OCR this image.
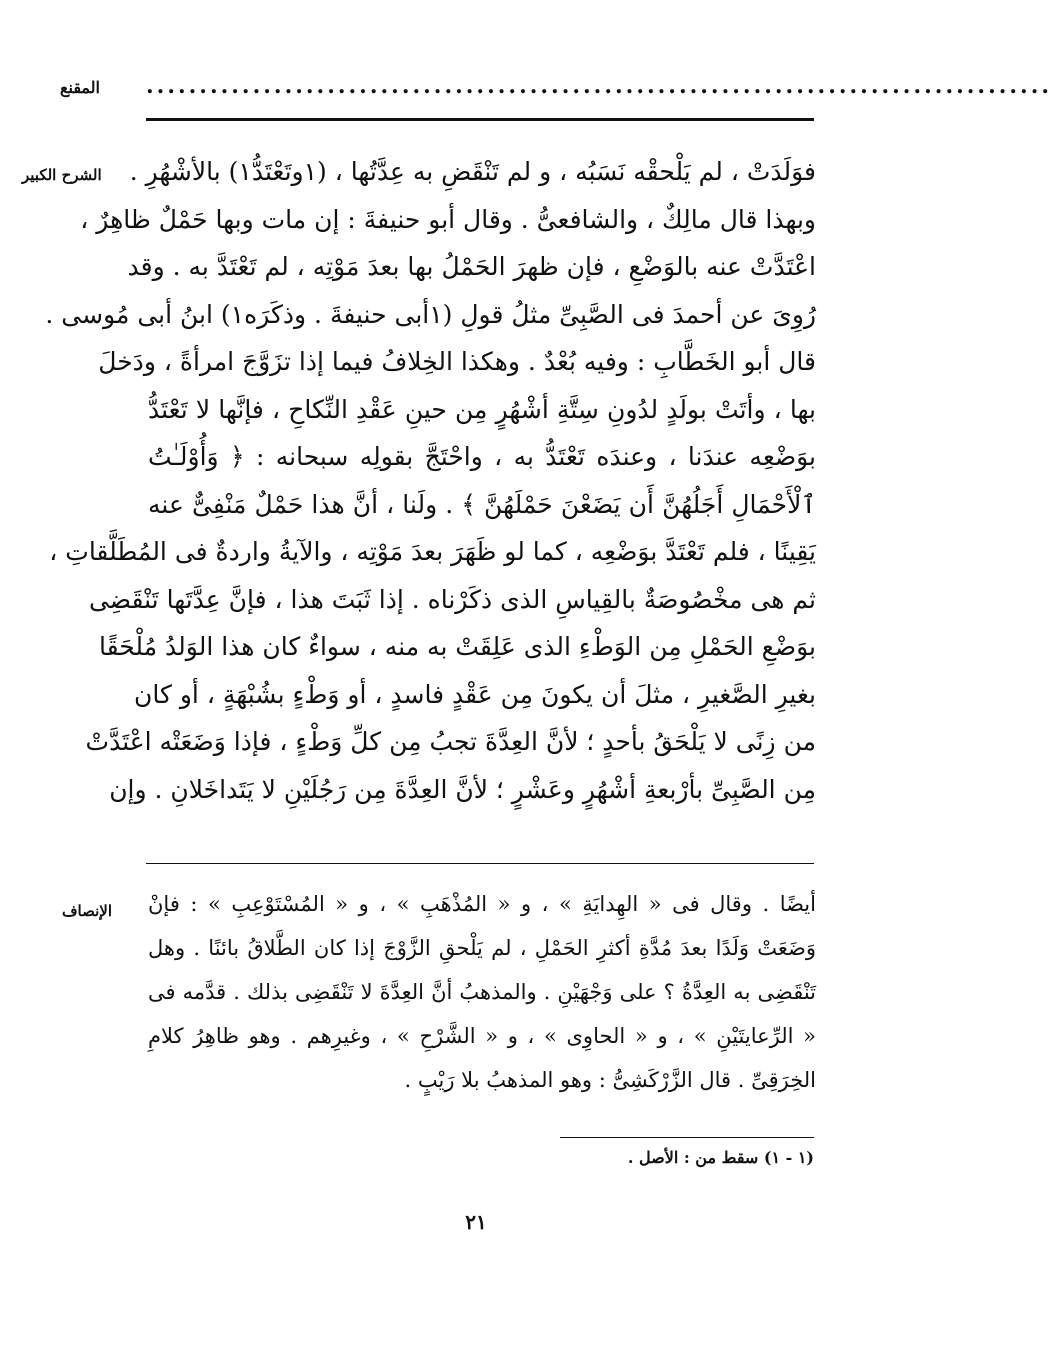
.....................................................................................
المقنع
الشرح الكبير فوَلَدَتْ ، لم يَلْحقْه نَسَبُه ، و لم تَنْقَضِ به عِدَّتُها ، (١وتَعْتَدُّ١) بالأشْهُرِ .
وبهذا قال مالِكٌ ، والشافعىُّ . وقال أبو حنيفةَ : إن مات وبها حَمْلٌ ظاهِرٌ ،
اعْتَدَّتْ عنه بالوَضْعِ ، فإن ظهرَ الحَمْلُ بها بعدَ مَوْتِه ، لم تَعْتَدَّ به . وقد
رُوِىَ عن أحمدَ فى الصَّبِىِّ مثلُ قولِ (١أبى حنيفةَ . وذكَرَه١) ابنُ أبى مُوسى .
قال أبو الخَطَّابِ : وفيه بُعْدٌ . وهكذا الخِلافُ فيما إذا تزَوَّجَ امرأةً ، ودَخلَ
بها ، وأتَتْ بولَدٍ لدُونِ سِتَّةِ أشْهُرٍ مِن حينِ عَقْدِ النِّكاحِ ، فإنَّها لا تَعْتَدُّ
بوَضْعِه عندَنا ، وعندَه تَعْتَدُّ به ، واحْتَجَّ بقولِه سبحانه : ﴿ وَأُوْلَـٰتُ
ٱلْأَحْمَالِ أَجَلُهُنَّ أَن يَضَعْنَ حَمْلَهُنَّ ﴾ . ولَنا ، أنَّ هذا حَمْلٌ مَنْفِىٌّ عنه
يَقِينًا ، فلم تَعْتَدَّ بوَضْعِه ، كما لو ظَهَرَ بعدَ مَوْتِه ، والآيةُ واردةٌ فى المُطَلَّقاتِ ،
ثم هى مخْصُوصَةٌ بالقِياسِ الذى ذكَرْناه . إذا ثَبَتَ هذا ، فإنَّ عِدَّتَها تَنْقَضِى
بوَضْعِ الحَمْلِ مِن الوَطْءِ الذى عَلِقَتْ به منه ، سواءٌ كان هذا الوَلدُ مُلْحَقًا
بغيرِ الصَّغيرِ ، مثلَ أن يكونَ مِن عَقْدٍ فاسدٍ ، أو وَطْءٍ بشُبْهَةٍ ، أو كان
من زِنًى لا يَلْحَقُ بأحدٍ ؛ لأنَّ العِدَّةَ تجبُ مِن كلِّ وَطْءٍ ، فإذا وَضَعَتْه اعْتَدَّتْ
مِن الصَّبِىِّ بأرْبعةِ أشْهُرٍ وعَشْرٍ ؛ لأنَّ العِدَّةَ مِن رَجُلَيْنِ لا يَتَداخَلانِ . وإن
الإنصاف أيضًا . وقال فى « الهِدايَةِ » ، و « المُذْهَبِ » ، و « المُسْتَوْعِبِ » : فإنْ
وَضَعَتْ وَلَدًا بعدَ مُدَّةِ أكثرِ الحَمْلِ ، لم يَلْحقِ الزَّوْجَ إذا كان الطَّلاقُ بائنًا . وهل
تَنْقَضِى به العِدَّةُ ؟ على وَجْهَيْنِ . والمذهبُ أنَّ العِدَّةَ لا تَنْقَضِى بذلك . قدَّمه فى
« الرِّعايتَيْنِ » ، و « الحاوِى » ، و « الشَّرْحِ » ، وغيرِهم . وهو ظاهِرُ كلامِ
الخِرَقِىِّ . قال الزَّرْكَشِىُّ : وهو المذهبُ بلا رَيْبٍ .
(١ - ١) سقط من : الأصل .
٢١
